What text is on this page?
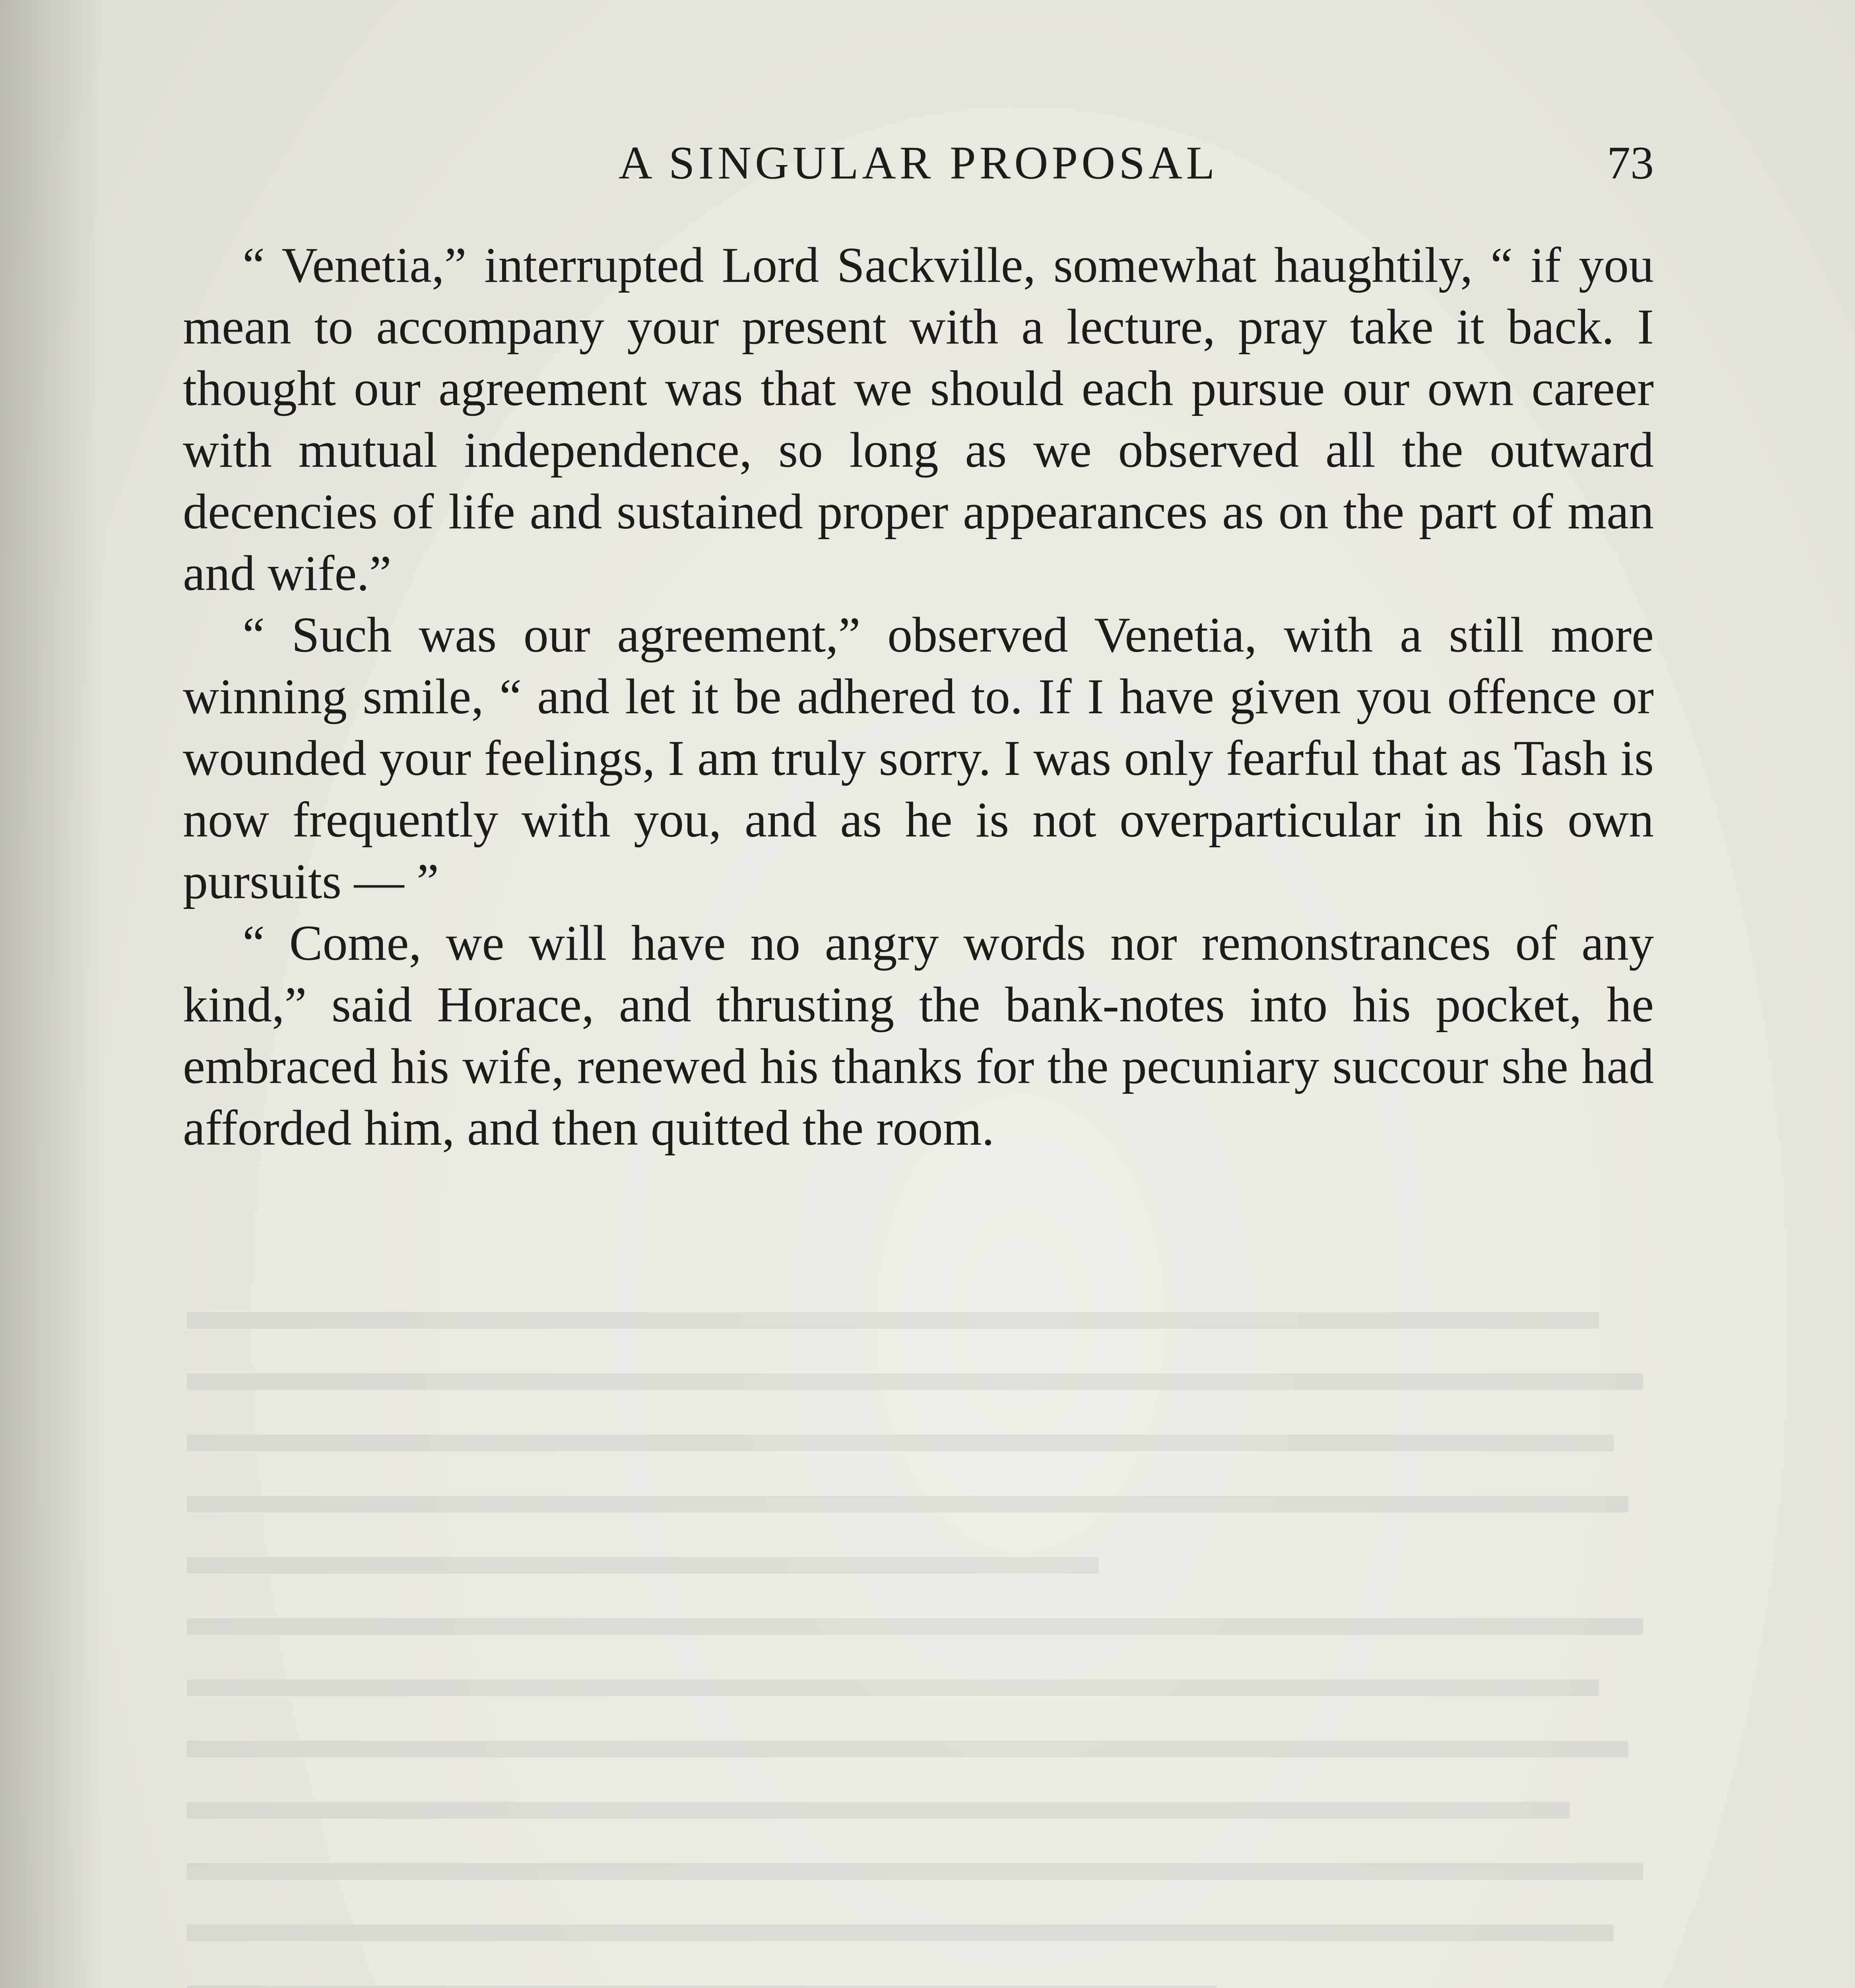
A SINGULAR PROPOSAL	73

“ Venetia,” interrupted Lord Sackville, somewhat haughtily, “ if you mean to accompany your present with a lecture, pray take it back. I thought our agreement was that we should each pursue our own career with mutual independence, so long as we observed all the outward decencies of life and sustained proper appearances as on the part of man and wife.”

“ Such was our agreement,” observed Venetia, with a still more winning smile, “ and let it be adhered to. If I have given you offence or wounded your feelings, I am truly sorry. I was only fearful that as Tash is now frequently with you, and as he is not overparticular in his own pursuits — ”

“ Come, we will have no angry words nor remonstrances of any kind,” said Horace, and thrusting the bank-notes into his pocket, he embraced his wife, renewed his thanks for the pecuniary succour she had afforded him, and then quitted the room.
